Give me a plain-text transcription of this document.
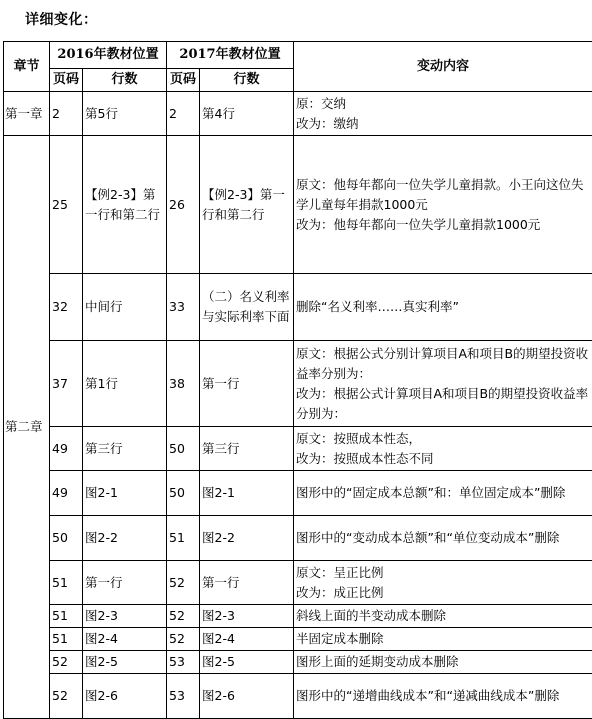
详细变化：
章节	2016年教材位置		2017年教材位置		变动内容
	页码	行数	页码	行数	
第一章	2	第5行	2	第4行	原：交纳
改为：缴纳

第二章	25	【例2-3】第一行和第二行	26	【例2-3】第一行和第二行	原文：他每年都向一位失学儿童捐款。小王向这位失学儿童每年捐款1000元
改为：他每年都向一位失学儿童捐款1000元

	32	中间行	33	（二）名义利率与实际利率下面	删除“名义利率……真实利率”
	37	第1行	38	第一行	原文：根据公式分别计算项目A和项目B的期望投资收益率分别为：
改为：根据公式计算项目A和项目B的期望投资收益率分别为：

	49	第三行	50	第三行	原文：按照成本性态，
改为：按照成本性态不同

	49	图2-1	50	图2-1	图形中的“固定成本总额”和：单位固定成本”删除
	50	图2-2	51	图2-2	图形中的“变动成本总额”和“单位变动成本”删除
	51	第一行	52	第一行	原文：呈正比例
改为：成正比例

	51	图2-3	52	图2-3	斜线上面的半变动成本删除
	51	图2-4	52	图2-4	半固定成本删除
	52	图2-5	53	图2-5	图形上面的延期变动成本删除
	52	图2-6	53	图2-6	图形中的“递增曲线成本”和“递减曲线成本”删除
